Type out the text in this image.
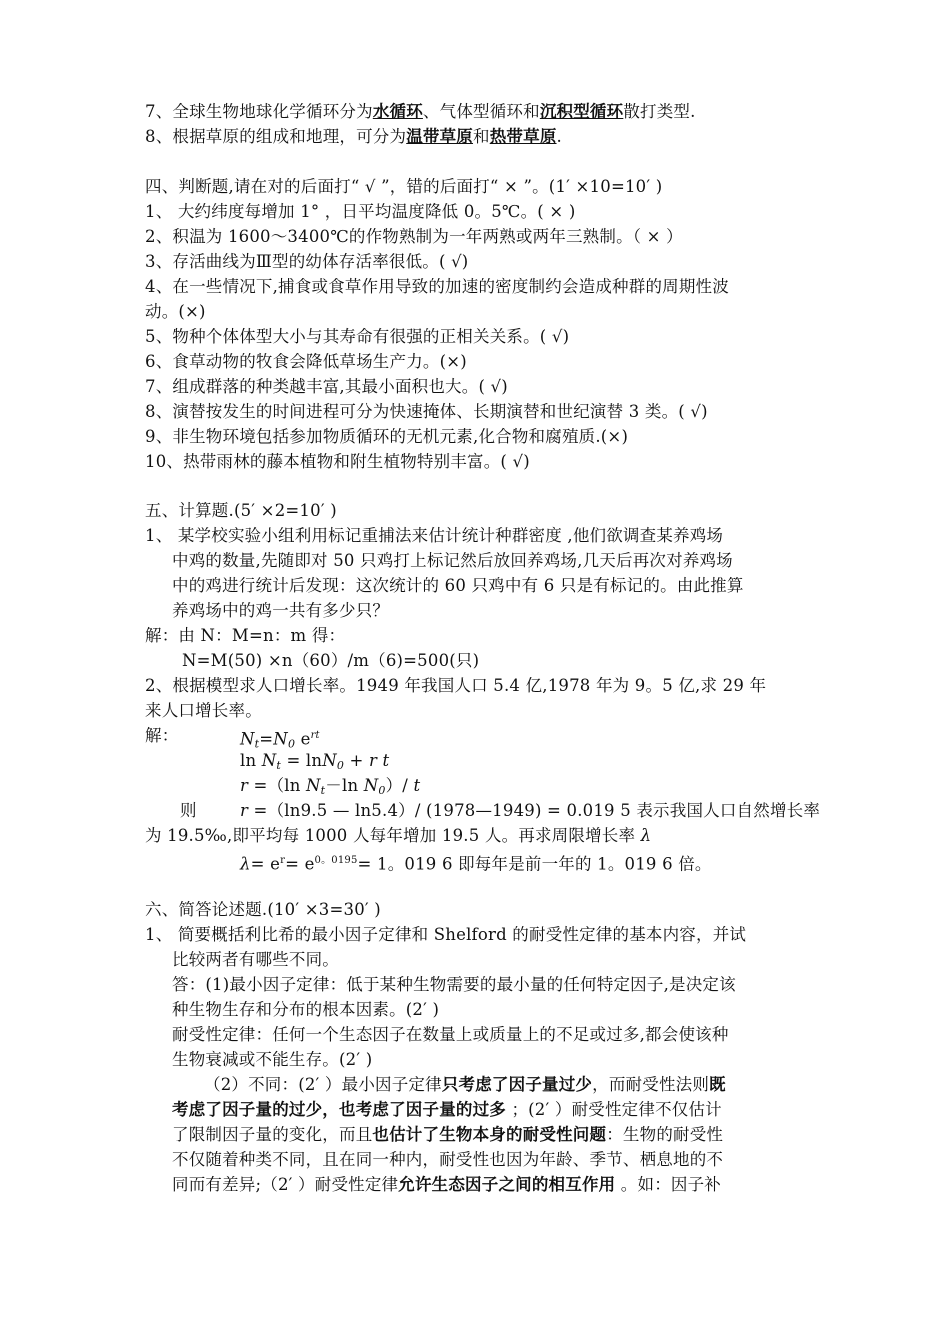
7、全球生物地球化学循环分为水循环、气体型循环和沉积型循环散打类型.
8、根据草原的组成和地理，可分为温带草原和热带草原.
四、判断题,请在对的后面打“ √ ”，错的后面打“ × ”。(1′ ×10=10′ )
1、 大约纬度每增加 1° ，日平均温度降低 0。5℃。( × )
2、积温为 1600～3400℃的作物熟制为一年两熟或两年三熟制。（ × ）
3、存活曲线为Ⅲ型的幼体存活率很低。( √)
4、在一些情况下,捕食或食草作用导致的加速的密度制约会造成种群的周期性波
动。(×)
5、物种个体体型大小与其寿命有很强的正相关关系。( √)
6、食草动物的牧食会降低草场生产力。(×)
7、组成群落的种类越丰富,其最小面积也大。( √)
8、演替按发生的时间进程可分为快速掩体、长期演替和世纪演替 3 类。( √)
9、非生物环境包括参加物质循环的无机元素,化合物和腐殖质.(×)
10、热带雨林的藤本植物和附生植物特别丰富。( √)
五、计算题.(5′ ×2=10′ )
1、 某学校实验小组利用标记重捕法来估计统计种群密度 ,他们欲调查某养鸡场
中鸡的数量,先随即对 50 只鸡打上标记然后放回养鸡场,几天后再次对养鸡场
中的鸡进行统计后发现：这次统计的 60 只鸡中有 6 只是有标记的。由此推算
养鸡场中的鸡一共有多少只？
解：由 N：M=n：m 得：
N=M(50) ×n（60）/m（6)=500(只)
2、根据模型求人口增长率。1949 年我国人口 5.4 亿,1978 年为 9。5 亿,求 29 年
来人口增长率。
解：	$N_t=N_0$ $e^{rt}$
$\ln N_t = \ln N_0 + r$ t
r =（ln $N_t-\ln$ $N_0)/$ t
则	r =（ln9.5 — ln5.4）/ (1978—1949) = 0.019 5 表示我国人口自然增长率
为 19.5‰,即平均每 1000 人每年增加 19.5 人。再求周限增长率 λ
$\lambda= e^r= e^{0。0195}= 1$。019 6 即每年是前一年的 1。019 6 倍。
六、简答论述题.(10′ ×3=30′ )
1、 简要概括利比希的最小因子定律和 Shelford 的耐受性定律的基本内容，并试
比较两者有哪些不同。
答：(1)最小因子定律：低于某种生物需要的最小量的任何特定因子,是决定该
种生物生存和分布的根本因素。(2′ )
耐受性定律：任何一个生态因子在数量上或质量上的不足或过多,都会使该种
生物衰减或不能生存。(2′ )
（2）不同：(2′ ）最小因子定律只考虑了因子量过少，而耐受性法则既
考虑了因子量的过少，也考虑了因子量的过多 ；(2′ ）耐受性定律不仅估计
了限制因子量的变化，而且也估计了生物本身的耐受性问题：生物的耐受性
不仅随着种类不同，且在同一种内，耐受性也因为年龄、季节、栖息地的不
同而有差异;（2′ ）耐受性定律允许生态因子之间的相互作用 。如：因子补
